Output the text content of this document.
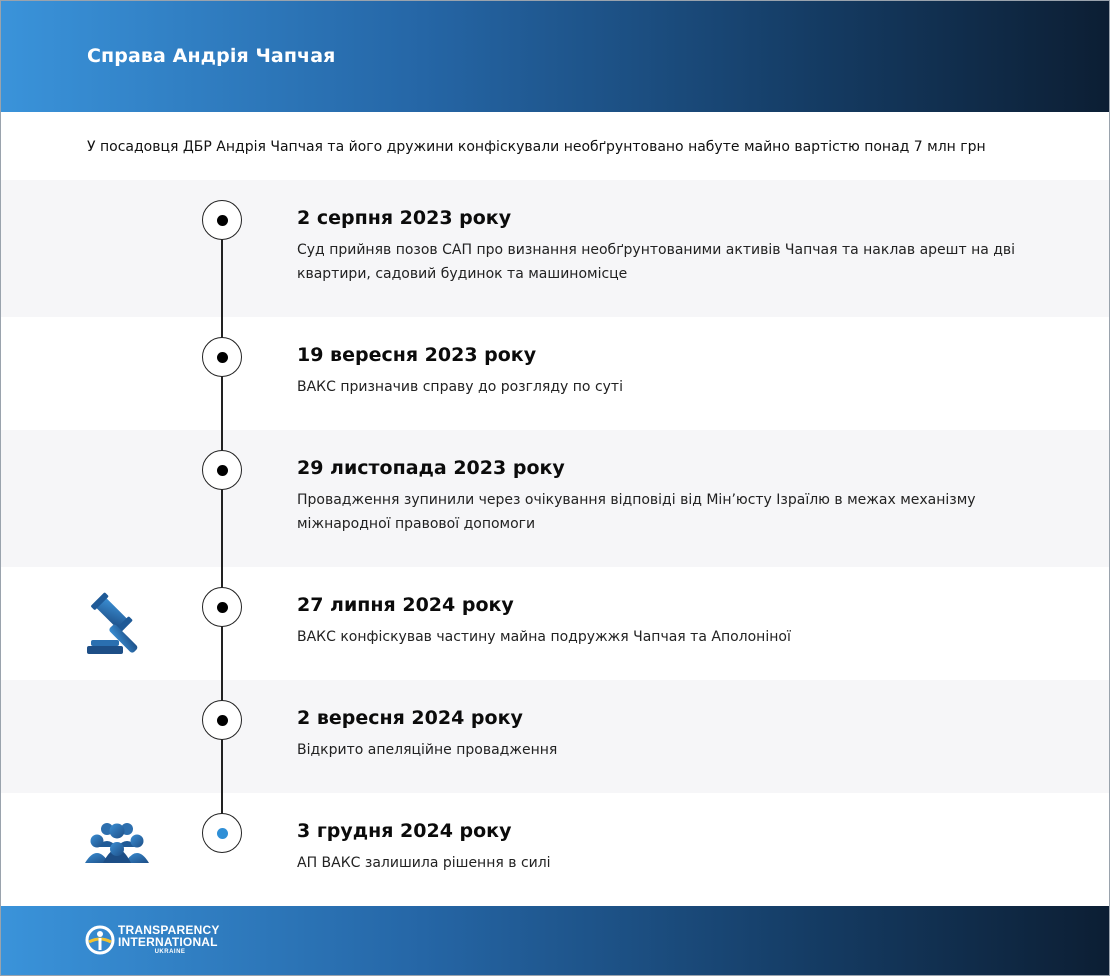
Справа Андрія Чапчая
У посадовця ДБР Андрія Чапчая та його дружини конфіскували необґрунтовано набуте майно вартістю понад 7 млн грн
2 серпня 2023 року
Суд прийняв позов САП про визнання необґрунтованими активів Чапчая та наклав арешт на дві квартири, садовий будинок та машиномісце
19 вересня 2023 року
ВАКС призначив справу до розгляду по суті
29 листопада 2023 року
Провадження зупинили через очікування відповіді від Мін’юсту Ізраїлю в межах механізму міжнародної правової допомоги
27 липня 2024 року
ВАКС конфіскував частину майна подружжя Чапчая та Аполоніної
2 вересня 2024 року
Відкрито апеляційне провадження
3 грудня 2024 року
АП ВАКС залишила рішення в силі
TRANSPARENCY
INTERNATIONAL
UKRAINE
